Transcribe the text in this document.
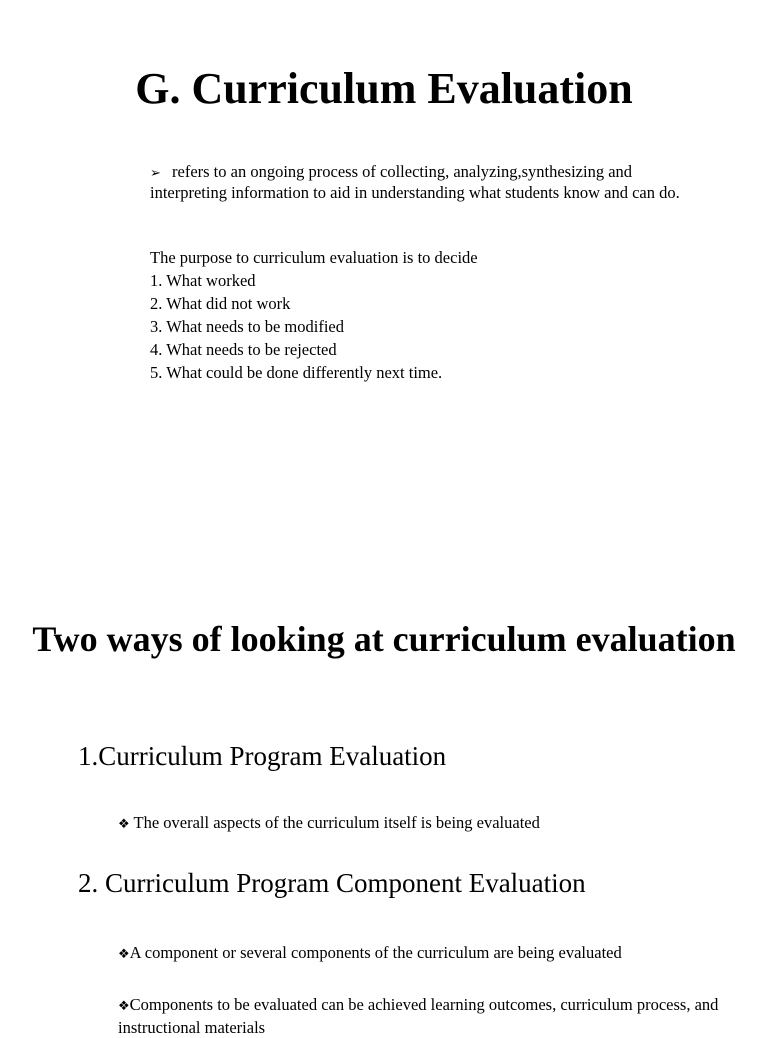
G. Curriculum Evaluation

➢ refers to an ongoing process of collecting, analyzing,synthesizing and interpreting information to aid in understanding what students know and can do.

The purpose to curriculum evaluation is to decide
1. What worked
2. What did not work
3. What needs to be modified
4. What needs to be rejected
5. What could be done differently next time.
Two ways of looking at curriculum evaluation
1.Curriculum Program Evaluation

❖ The overall aspects of the curriculum itself is being evaluated

2. Curriculum Program Component Evaluation

❖A component or several components of the curriculum are being evaluated

❖Components to be evaluated can be achieved learning outcomes, curriculum process, and instructional materials
